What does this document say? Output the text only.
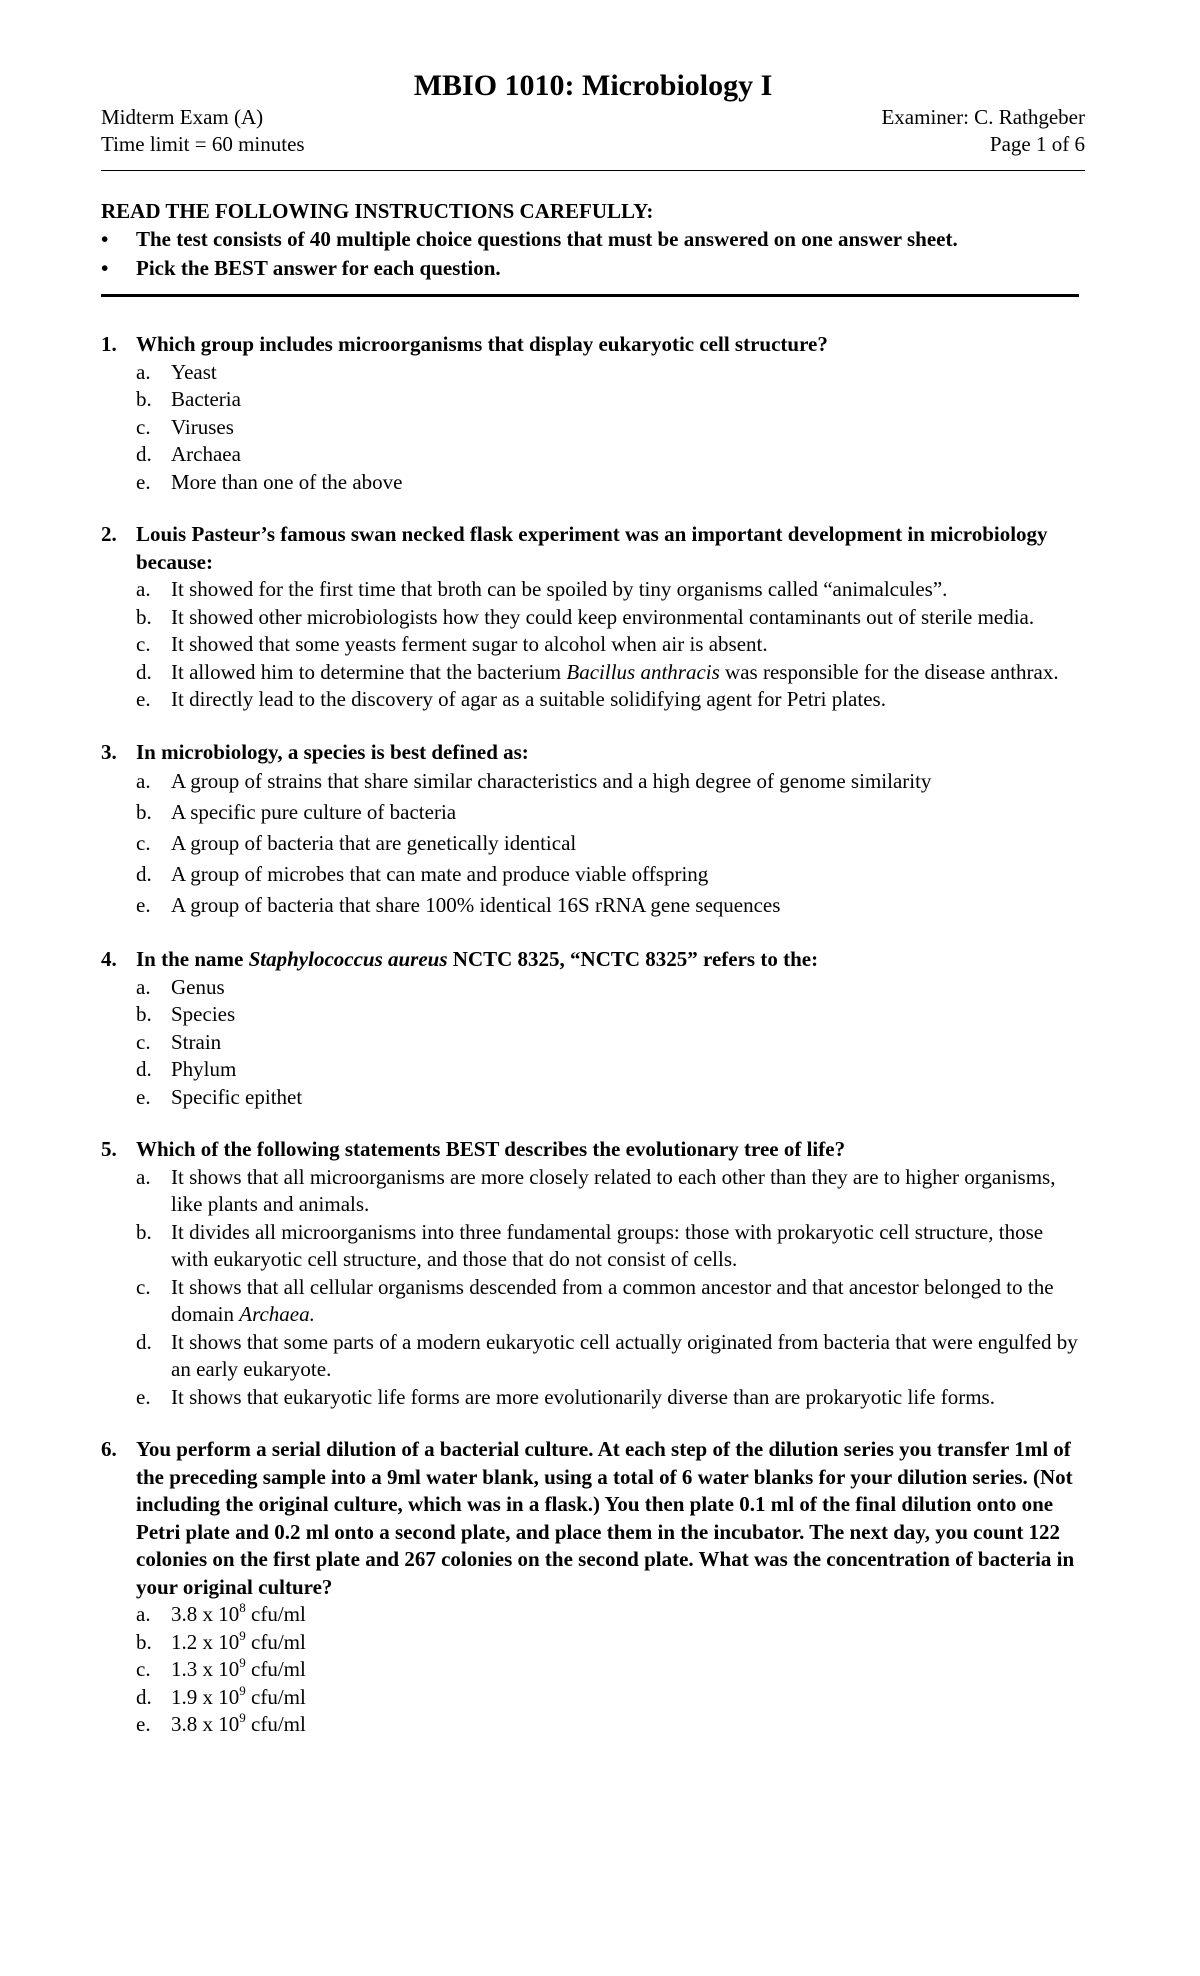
MBIO 1010: Microbiology I
Midterm Exam (A)	Examiner: C. Rathgeber
Time limit = 60 minutes	Page 1 of 6
READ THE FOLLOWING INSTRUCTIONS CAREFULLY:
•	The test consists of 40 multiple choice questions that must be answered on one answer sheet.
•	Pick the BEST answer for each question.
1. Which group includes microorganisms that display eukaryotic cell structure?
a. Yeast
b. Bacteria
c. Viruses
d. Archaea
e. More than one of the above
2. Louis Pasteur’s famous swan necked flask experiment was an important development in microbiology because:
a. It showed for the first time that broth can be spoiled by tiny organisms called “animalcules”.
b. It showed other microbiologists how they could keep environmental contaminants out of sterile media.
c. It showed that some yeasts ferment sugar to alcohol when air is absent.
d. It allowed him to determine that the bacterium Bacillus anthracis was responsible for the disease anthrax.
e. It directly lead to the discovery of agar as a suitable solidifying agent for Petri plates.
3. In microbiology, a species is best defined as:
a. A group of strains that share similar characteristics and a high degree of genome similarity
b. A specific pure culture of bacteria
c. A group of bacteria that are genetically identical
d. A group of microbes that can mate and produce viable offspring
e. A group of bacteria that share 100% identical 16S rRNA gene sequences
4. In the name Staphylococcus aureus NCTC 8325, “NCTC 8325” refers to the:
a. Genus
b. Species
c. Strain
d. Phylum
e. Specific epithet
5. Which of the following statements BEST describes the evolutionary tree of life?
a. It shows that all microorganisms are more closely related to each other than they are to higher organisms, like plants and animals.
b. It divides all microorganisms into three fundamental groups: those with prokaryotic cell structure, those with eukaryotic cell structure, and those that do not consist of cells.
c. It shows that all cellular organisms descended from a common ancestor and that ancestor belonged to the domain Archaea.
d. It shows that some parts of a modern eukaryotic cell actually originated from bacteria that were engulfed by an early eukaryote.
e. It shows that eukaryotic life forms are more evolutionarily diverse than are prokaryotic life forms.
6. You perform a serial dilution of a bacterial culture. At each step of the dilution series you transfer 1ml of the preceding sample into a 9ml water blank, using a total of 6 water blanks for your dilution series. (Not including the original culture, which was in a flask.) You then plate 0.1 ml of the final dilution onto one Petri plate and 0.2 ml onto a second plate, and place them in the incubator. The next day, you count 122 colonies on the first plate and 267 colonies on the second plate. What was the concentration of bacteria in your original culture?
a. 3.8 x $10^8$ cfu/ml
b. 1.2 x $10^9$ cfu/ml
c. 1.3 x $10^9$ cfu/ml
d. 1.9 x $10^9$ cfu/ml
e. 3.8 x $10^9$ cfu/ml
